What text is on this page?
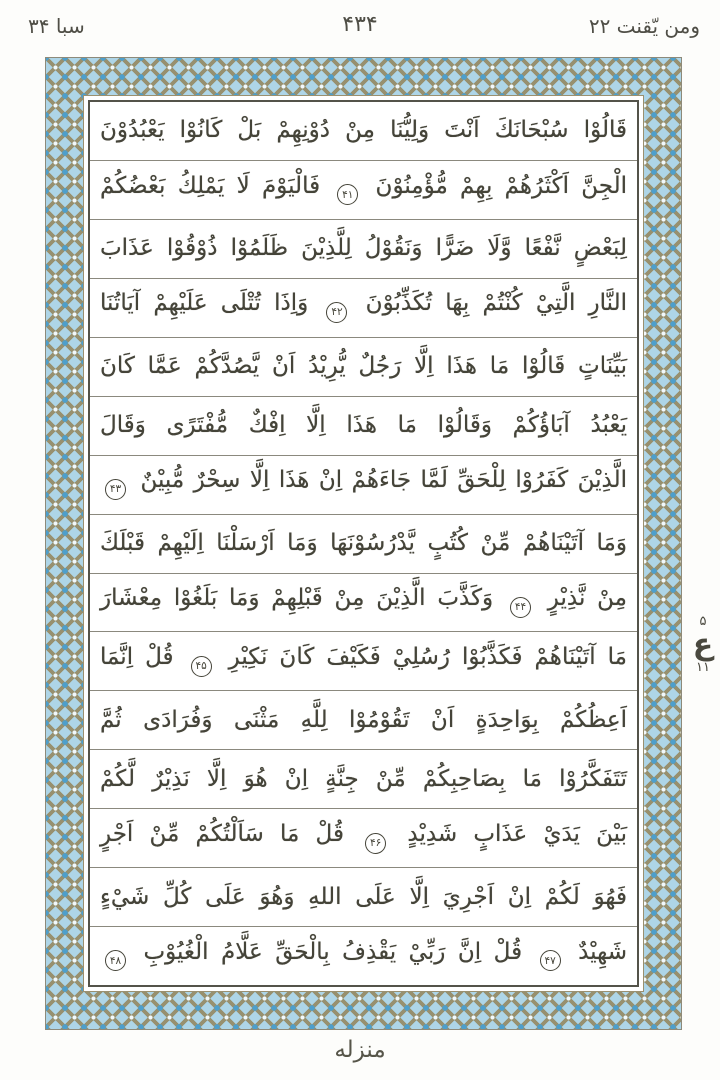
سبا ۳۴	۴۳۴	ومن يّقنت ۲۲
قَالُوْا سُبْحَانَكَ اَنْتَ وَلِيُّنَا مِنْ دُوْنِهِمْ بَلْ كَانُوْا يَعْبُدُوْنَ
الْجِنَّ اَكْثَرُهُمْ بِهِمْ مُّؤْمِنُوْنَ ۴۱ فَالْيَوْمَ لَا يَمْلِكُ بَعْضُكُمْ
لِبَعْضٍ نَّفْعًا وَّلَا ضَرًّا وَنَقُوْلُ لِلَّذِيْنَ ظَلَمُوْا ذُوْقُوْا عَذَابَ
النَّارِ الَّتِيْ كُنْتُمْ بِهَا تُكَذِّبُوْنَ ۴۲ وَاِذَا تُتْلَى عَلَيْهِمْ آيَاتُنَا
بَيِّنَاتٍ قَالُوْا مَا هَذَا اِلَّا رَجُلٌ يُّرِيْدُ اَنْ يَّصُدَّكُمْ عَمَّا كَانَ
يَعْبُدُ آبَاؤُكُمْ وَقَالُوْا مَا هَذَا اِلَّا اِفْكٌ مُّفْتَرًى وَقَالَ
الَّذِيْنَ كَفَرُوْا لِلْحَقِّ لَمَّا جَاءَهُمْ اِنْ هَذَا اِلَّا سِحْرٌ مُّبِيْنٌ ۴۳
وَمَا آتَيْنَاهُمْ مِّنْ كُتُبٍ يَّدْرُسُوْنَهَا وَمَا اَرْسَلْنَا اِلَيْهِمْ قَبْلَكَ
مِنْ نَّذِيْرٍ ۴۴ وَكَذَّبَ الَّذِيْنَ مِنْ قَبْلِهِمْ وَمَا بَلَغُوْا مِعْشَارَ
مَا آتَيْنَاهُمْ فَكَذَّبُوْا رُسُلِيْ فَكَيْفَ كَانَ نَكِيْرِ ۴۵ قُلْ اِنَّمَا
اَعِظُكُمْ بِوَاحِدَةٍ اَنْ تَقُوْمُوْا لِلَّهِ مَثْنَى وَفُرَادَى ثُمَّ
تَتَفَكَّرُوْا مَا بِصَاحِبِكُمْ مِّنْ جِنَّةٍ اِنْ هُوَ اِلَّا نَذِيْرٌ لَّكُمْ
بَيْنَ يَدَيْ عَذَابٍ شَدِيْدٍ ۴۶ قُلْ مَا سَاَلْتُكُمْ مِّنْ اَجْرٍ
فَهُوَ لَكُمْ اِنْ اَجْرِيَ اِلَّا عَلَى اللهِ وَهُوَ عَلَى كُلِّ شَيْءٍ
شَهِيْدٌ ۴۷ قُلْ اِنَّ رَبِّيْ يَقْذِفُ بِالْحَقِّ عَلَّامُ الْغُيُوْبِ ۴۸
۵
ع
۱۱
منزله
